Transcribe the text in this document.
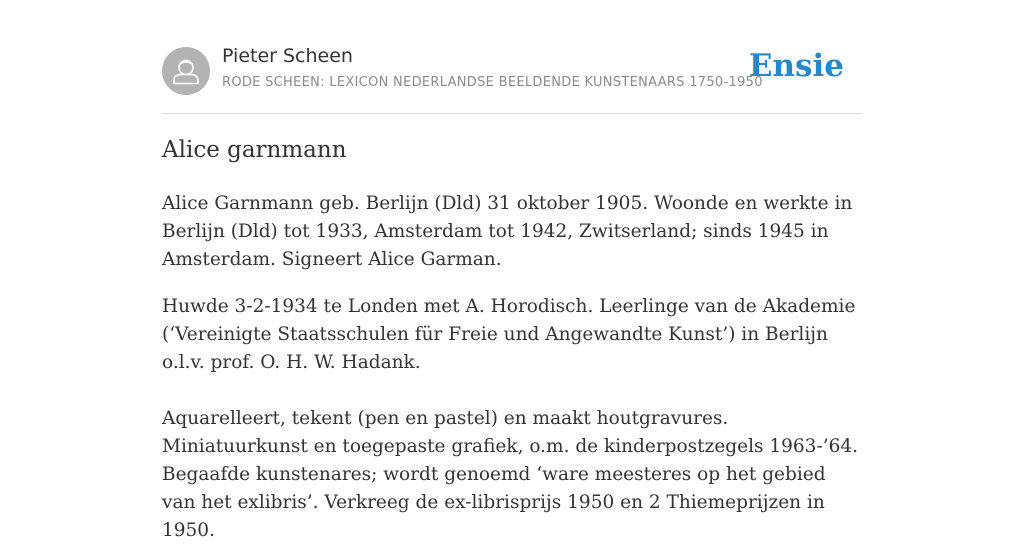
Pieter Scheen
RODE SCHEEN: LEXICON NEDERLANDSE BEELDENDE KUNSTENAARS 1750-1950
Ensie
Alice garnmann

Alice Garnmann geb. Berlijn (Dld) 31 oktober 1905. Woonde en werkte in Berlijn (Dld) tot 1933, Amsterdam tot 1942, Zwitserland; sinds 1945 in Amsterdam. Signeert Alice Garman.

Huwde 3-2-1934 te Londen met A. Horodisch. Leerlinge van de Akademie (‘Vereinigte Staatsschulen für Freie und Angewandte Kunst’) in Berlijn o.l.v. prof. O. H. W. Hadank.

Aquarelleert, tekent (pen en pastel) en maakt houtgravures. Miniatuurkunst en toegepaste grafiek, o.m. de kinderpostzegels 1963-’64. Begaafde kunstenares; wordt genoemd ‘ware meesteres op het gebied van het exlibris’. Verkreeg de ex-librisprijs 1950 en 2 Thiemeprijzen in 1950.
